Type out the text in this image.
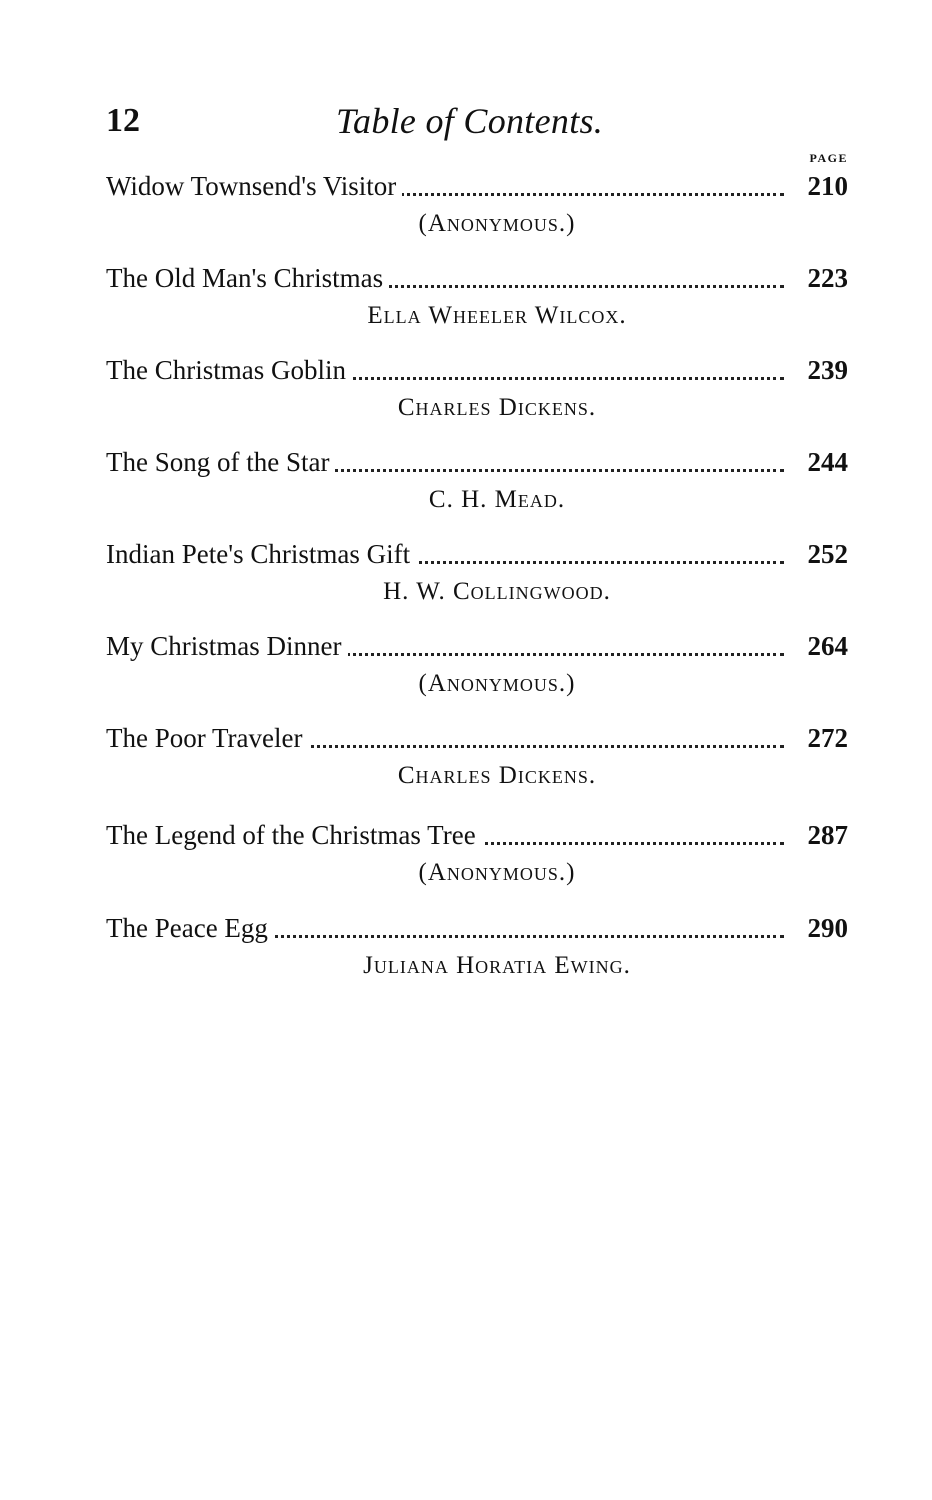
12	Table of Contents.
PAGE
Widow Townsend's Visitor	210
(Anonymous.)
The Old Man's Christmas	223
Ella Wheeler Wilcox.
The Christmas Goblin	239
Charles Dickens.
The Song of the Star	244
C. H. Mead.
Indian Pete's Christmas Gift	252
H. W. Collingwood.
My Christmas Dinner	264
(Anonymous.)
The Poor Traveler	272
Charles Dickens.
The Legend of the Christmas Tree	287
(Anonymous.)
The Peace Egg	290
Juliana Horatia Ewing.
